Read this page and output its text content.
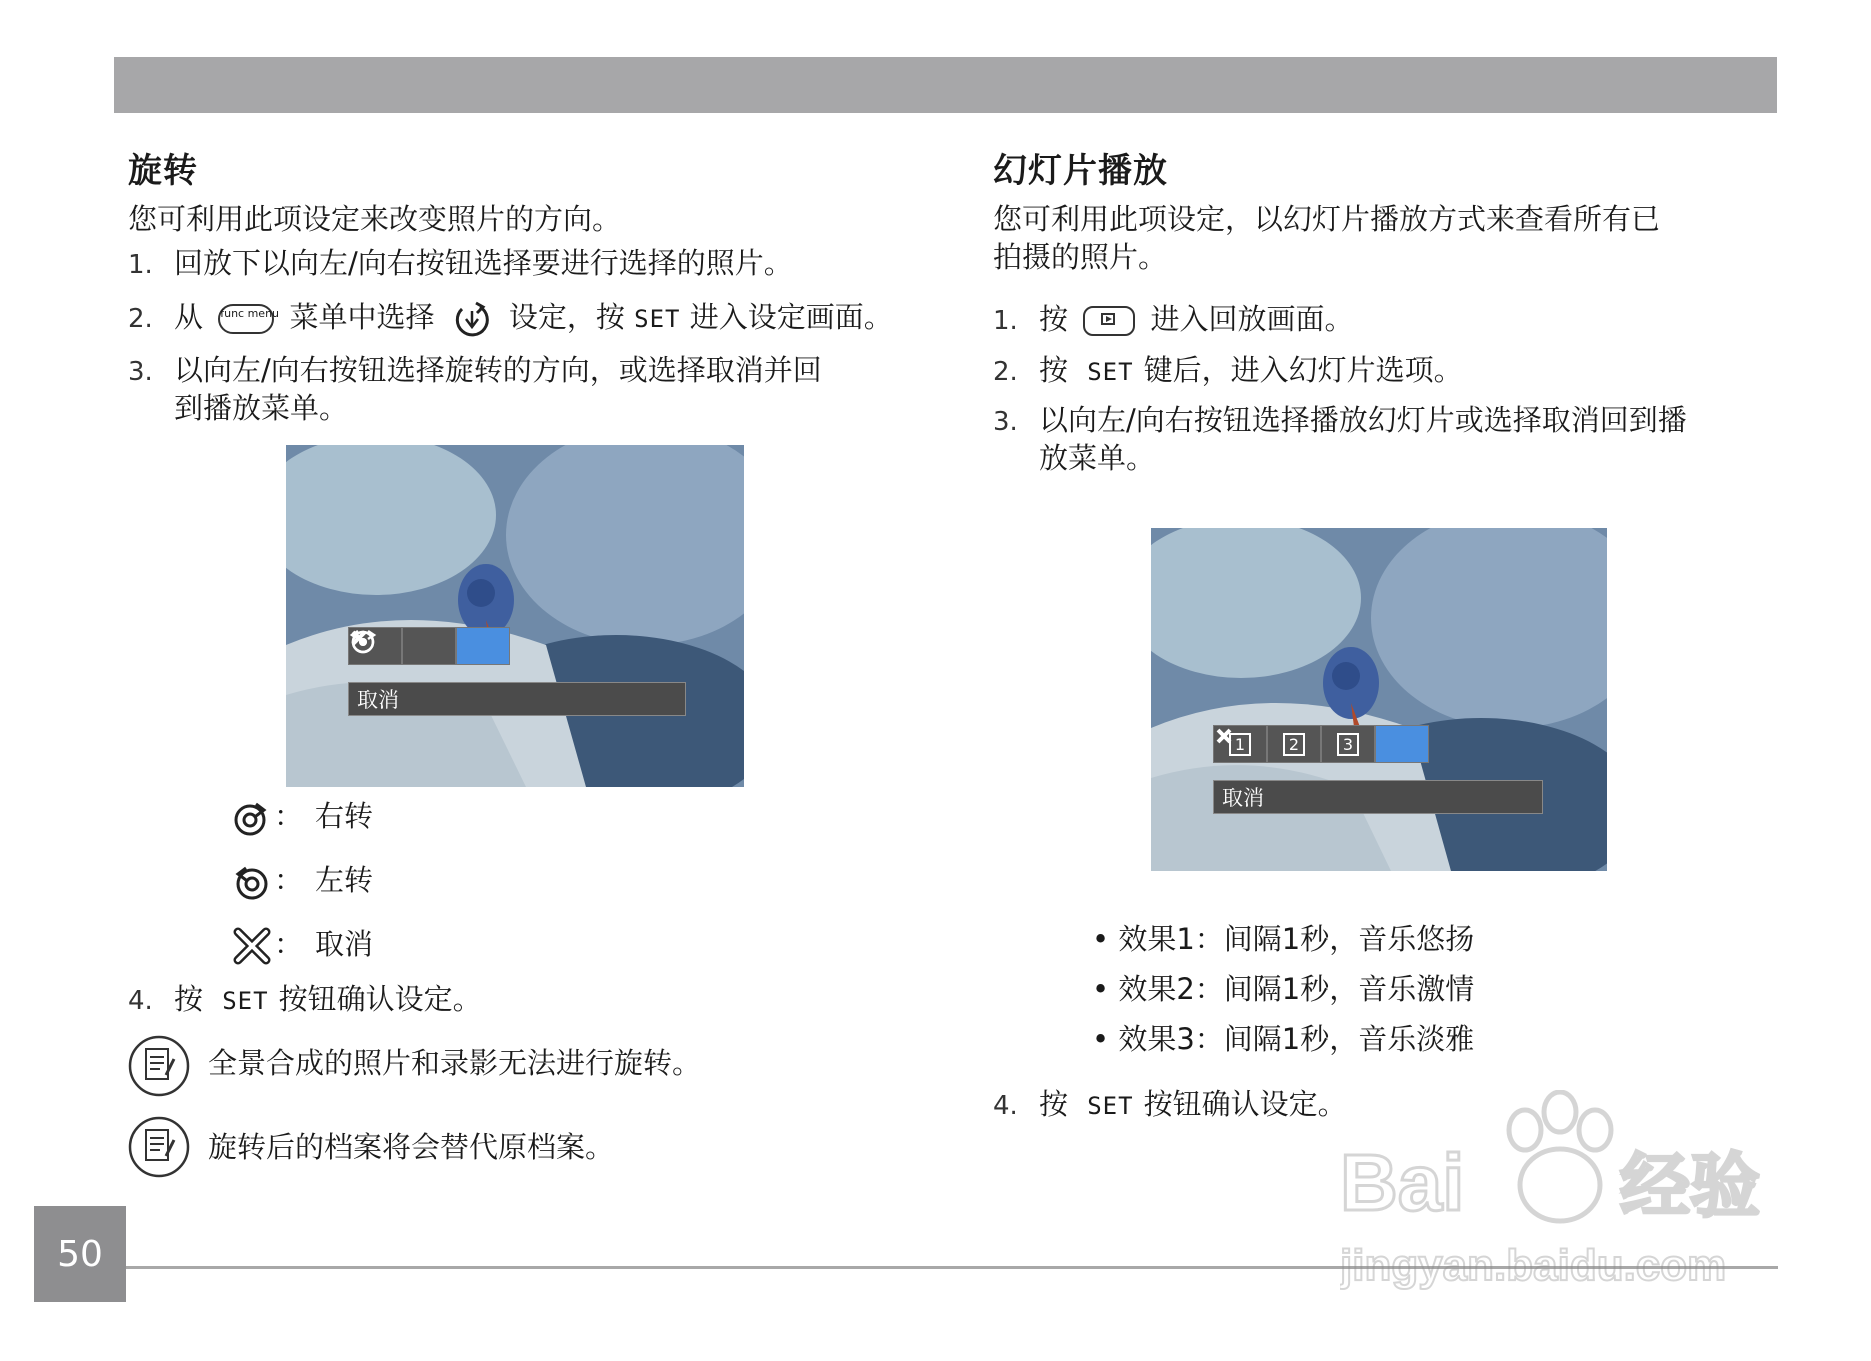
旋转
您可利用此项设定来改变照片的方向。
1. 回放下以向左/向右按钮选择要进行选择的照片。
2. 从 func menu 菜单中选择	设定，按 SET 进入设定画面。
3. 以向左/向右按钮选择旋转的方向，或选择取消并回
到播放菜单。
取消
： 右转
： 左转
： 取消
4. 按 SET 按钮确认设定。
全景合成的照片和录影无法进行旋转。
旋转后的档案将会替代原档案。
幻灯片播放
您可利用此项设定，以幻灯片播放方式来查看所有已
拍摄的照片。
1. 按	进入回放画面。
2. 按 SET 键后，进入幻灯片选项。
3. 以向左/向右按钮选择播放幻灯片或选择取消回到播
放菜单。
1	2	3
取消
• 效果1：间隔1秒，音乐悠扬
• 效果2：间隔1秒，音乐激情
• 效果3：间隔1秒，音乐淡雅
4. 按 SET 按钮确认设定。
50
Bai 经验
jingyan.baidu.com
